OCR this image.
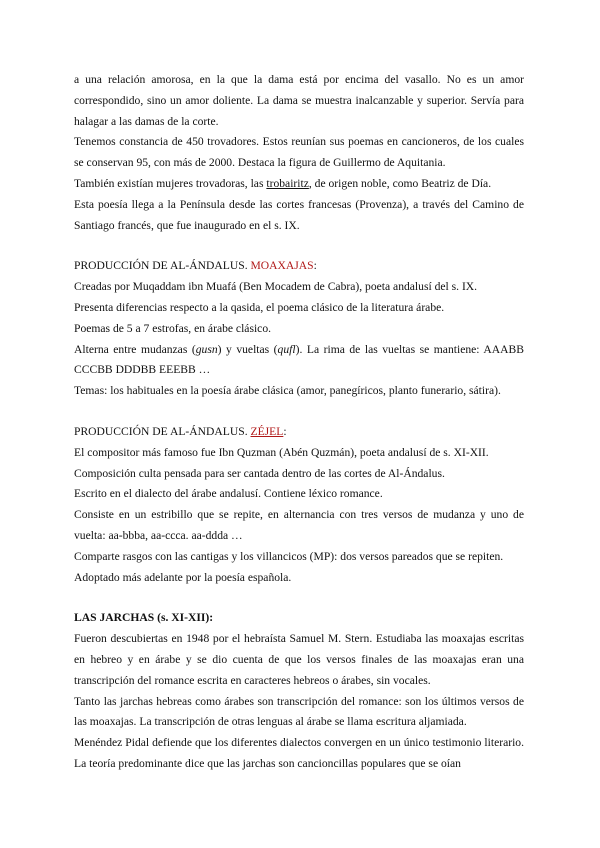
a una relación amorosa, en la que la dama está por encima del vasallo. No es un amor correspondido, sino un amor doliente. La dama se muestra inalcanzable y superior. Servía para halagar a las damas de la corte.

Tenemos constancia de 450 trovadores. Estos reunían sus poemas en cancioneros, de los cuales se conservan 95, con más de 2000. Destaca la figura de Guillermo de Aquitania.

También existían mujeres trovadoras, las trobairitz, de origen noble, como Beatriz de Día.

Esta poesía llega a la Península desde las cortes francesas (Provenza), a través del Camino de Santiago francés, que fue inaugurado en el s. IX.

PRODUCCIÓN DE AL-ÁNDALUS. MOAXAJAS:

Creadas por Muqaddam ibn Muafá (Ben Mocadem de Cabra), poeta andalusí del s. IX.

Presenta diferencias respecto a la qasida, el poema clásico de la literatura árabe.

Poemas de 5 a 7 estrofas, en árabe clásico.

Alterna entre mudanzas (gusn) y vueltas (qufl). La rima de las vueltas se mantiene: AAABB CCCBB DDDBB EEEBB …

Temas: los habituales en la poesía árabe clásica (amor, panegíricos, planto funerario, sátira).

PRODUCCIÓN DE AL-ÁNDALUS. ZÉJEL:

El compositor más famoso fue Ibn Quzman (Abén Quzmán), poeta andalusí de s. XI-XII.

Composición culta pensada para ser cantada dentro de las cortes de Al-Ándalus.

Escrito en el dialecto del árabe andalusí. Contiene léxico romance.

Consiste en un estribillo que se repite, en alternancia con tres versos de mudanza y uno de vuelta: aa-bbba, aa-ccca. aa-ddda …

Comparte rasgos con las cantigas y los villancicos (MP): dos versos pareados que se repiten.

Adoptado más adelante por la poesía española.

LAS JARCHAS (s. XI-XII):

Fueron descubiertas en 1948 por el hebraísta Samuel M. Stern. Estudiaba las moaxajas escritas en hebreo y en árabe y se dio cuenta de que los versos finales de las moaxajas eran una transcripción del romance escrita en caracteres hebreos o árabes, sin vocales.

Tanto las jarchas hebreas como árabes son transcripción del romance: son los últimos versos de las moaxajas. La transcripción de otras lenguas al árabe se llama escritura aljamiada.

Menéndez Pidal defiende que los diferentes dialectos convergen en un único testimonio literario. La teoría predominante dice que las jarchas son cancioncillas populares que se oían
